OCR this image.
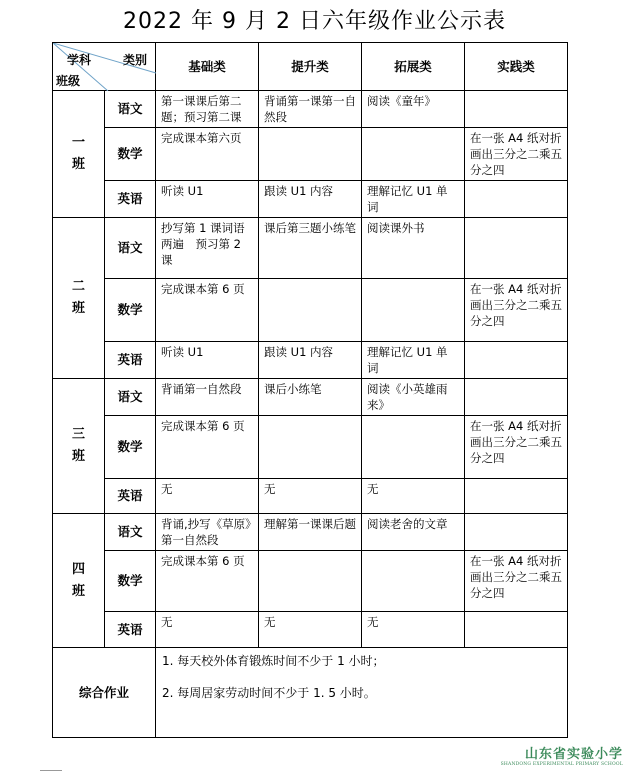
2022 年 9 月 2 日六年级作业公示表
学科 类别
班级		基础类	提升类	拓展类	实践类
一
班	语文	第一课课后第二题；预习第二课	背诵第一课第一自然段	阅读《童年》	
	数学	完成课本第六页			在一张 A4 纸对折画出三分之二乘五分之四
	英语	听读 U1	跟读 U1 内容	理解记忆 U1 单词	
二
班	语文	抄写第 1 课词语两遍　预习第 2 课	课后第三题小练笔	阅读课外书	
	数学	完成课本第 6 页			在一张 A4 纸对折画出三分之二乘五分之四
	英语	听读 U1	跟读 U1 内容	理解记忆 U1 单词	
三
班	语文	背诵第一自然段	课后小练笔	阅读《小英雄雨来》	
	数学	完成课本第 6 页			在一张 A4 纸对折画出三分之二乘五分之四
	英语	无	无	无	
四
班	语文	背诵,抄写《草原》第一自然段	理解第一课课后题	阅读老舍的文章	
	数学	完成课本第 6 页			在一张 A4 纸对折画出三分之二乘五分之四
	英语	无	无	无	
综合作业		1. 每天校外体育锻炼时间不少于 1 小时；

2. 每周居家劳动时间不少于 1. 5 小时。			

山东省实验小学
SHANDONG EXPERIMENTAL PRIMARY SCHOOL
